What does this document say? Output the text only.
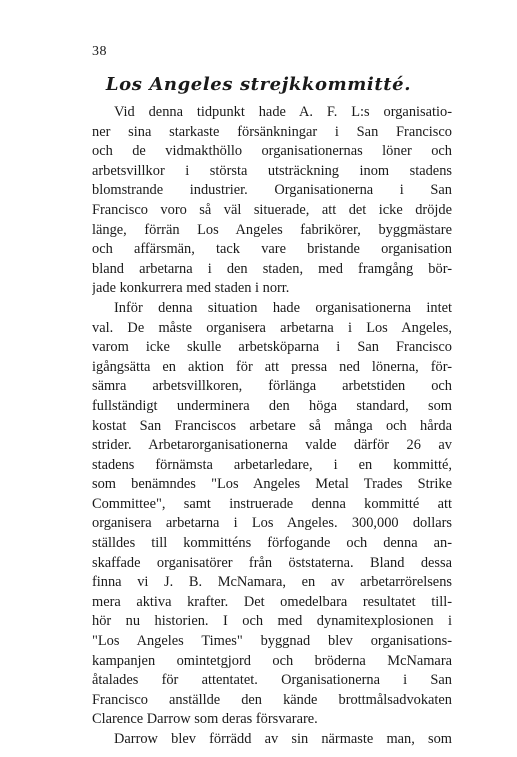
38
Los Angeles strejkkommitté.
Vid denna tidpunkt hade A. F. L:s organisatio-
ner sina starkaste försänkningar i San Francisco
och de vidmakthöllo organisationernas löner och
arbetsvillkor i största utsträckning inom stadens
blomstrande industrier. Organisationerna i San
Francisco voro så väl situerade, att det icke dröjde
länge, förrän Los Angeles fabrikörer, byggmästare
och affärsmän, tack vare bristande organisation
bland arbetarna i den staden, med framgång bör-
jade konkurrera med staden i norr.
Inför denna situation hade organisationerna intet
val. De måste organisera arbetarna i Los Angeles,
varom icke skulle arbetsköparna i San Francisco
igångsätta en aktion för att pressa ned lönerna, för-
sämra arbetsvillkoren, förlänga arbetstiden och
fullständigt underminera den höga standard, som
kostat San Franciscos arbetare så många och hårda
strider. Arbetarorganisationerna valde därför 26 av
stadens förnämsta arbetarledare, i en kommitté,
som benämndes "Los Angeles Metal Trades Strike
Committee", samt instruerade denna kommitté att
organisera arbetarna i Los Angeles. 300,000 dollars
ställdes till kommitténs förfogande och denna an-
skaffade organisatörer från öststaterna. Bland dessa
finna vi J. B. McNamara, en av arbetarrörelsens
mera aktiva krafter. Det omedelbara resultatet till-
hör nu historien. I och med dynamitexplosionen i
"Los Angeles Times" byggnad blev organisations-
kampanjen omintetgjord och bröderna McNamara
åtalades för attentatet. Organisationerna i San
Francisco anställde den kände brottmålsadvokaten
Clarence Darrow som deras försvarare.
Darrow blev förrädd av sin närmaste man, som
